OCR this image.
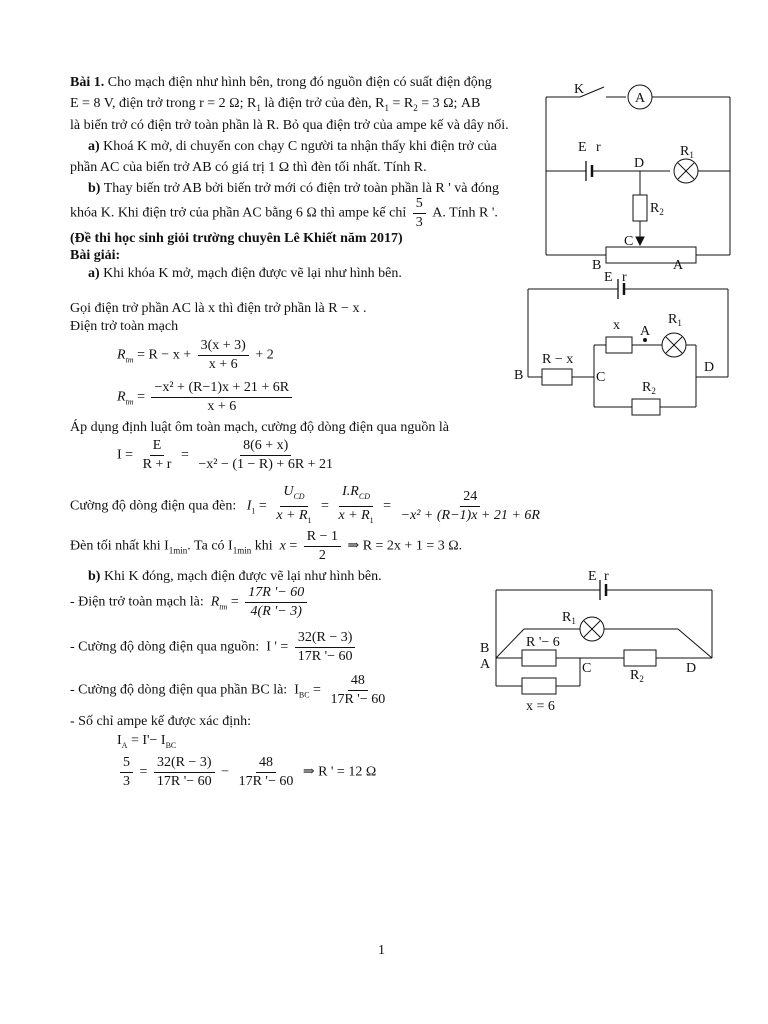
Bài 1. Cho mạch điện như hình bên, trong đó nguồn điện có suất điện động
E = 8 V, điện trở trong r = 2 Ω; $R_1$ là điện trở của đèn, $R_1 = R_2 = 3$ Ω; AB
là biến trở có điện trở toàn phần là R. Bỏ qua điện trở của ampe kế và dây nối.
a) Khoá K mở, di chuyển con chạy C người ta nhận thấy khi điện trở của
phần AC của biến trở AB có giá trị 1 Ω thì đèn tối nhất. Tính R.
b) Thay biến trở AB bởi biến trở mới có điện trở toàn phần là R ' và đóng
khóa K. Khi điện trở của phần AC bằng 6 Ω thì ampe kế chỉ $\frac{5}{3} A$. Tính R '.
(Đề thi học sinh giỏi trường chuyên Lê Khiết năm 2017)
Bài giải:
a) Khi khóa K mở, mạch điện được vẽ lại như hình bên.
Gọi điện trở phần AC là x thì điện trở phần là R − x .
Điện trở toàn mạch
$R_{tm} = R - x + \frac{3(x + 3)}{x + 6} + 2$
$R_{tm} = \frac{\text{−x² + (R−1)x + 21 + 6R}}{x + 6}$
Áp dụng định luật ôm toàn mạch, cường độ dòng điện qua nguồn là
$I = \frac{E}{R + r} = \frac{8(6 + x)}{\text{−x² − (1 − R) + 6R + 21}}$
Cường độ dòng điện qua đèn: $I_1 = \frac{U_{CD}}{x + R_1} = \frac{I.R_{CD}}{x + R_1} = \frac{24}{\text{−x² + (R−1)x + 21 + 6R}}$
Đèn tối nhất khi $I_{1min}$. Ta có $I_{1min}$ khi $x = \frac{R - 1}{2}$ ⇒ R = 2x + 1 = 3 Ω.
b) Khi K đóng, mạch điện được vẽ lại như hình bên.
- Điện trở toàn mạch là: $R_{tm} = \frac{17R '- 60}{4(R '- 3)}$
- Cường độ dòng điện qua nguồn: I ' = $\frac{32(R - 3)}{17R '- 60}$
- Cường độ dòng điện qua phần BC là:  $I_{BC} = \frac{48}{17R '- 60}$
- Số chỉ ampe kế được xác định:
$I_A = I'- I_{BC}$
$\frac{5}{3} = \frac{32(R - 3)}{17R '- 60} - \frac{48}{17R '- 60}$ ⇒ R ' = 12 Ω
K
A
E r
D
$R_1$
$R_2$
C
B	A
E r
x A
$R_1$
R − x
B	C
D
$R_2$
E r
$R_1$
B
A
R '− 6
C	$R_2$
D
x = 6
1
